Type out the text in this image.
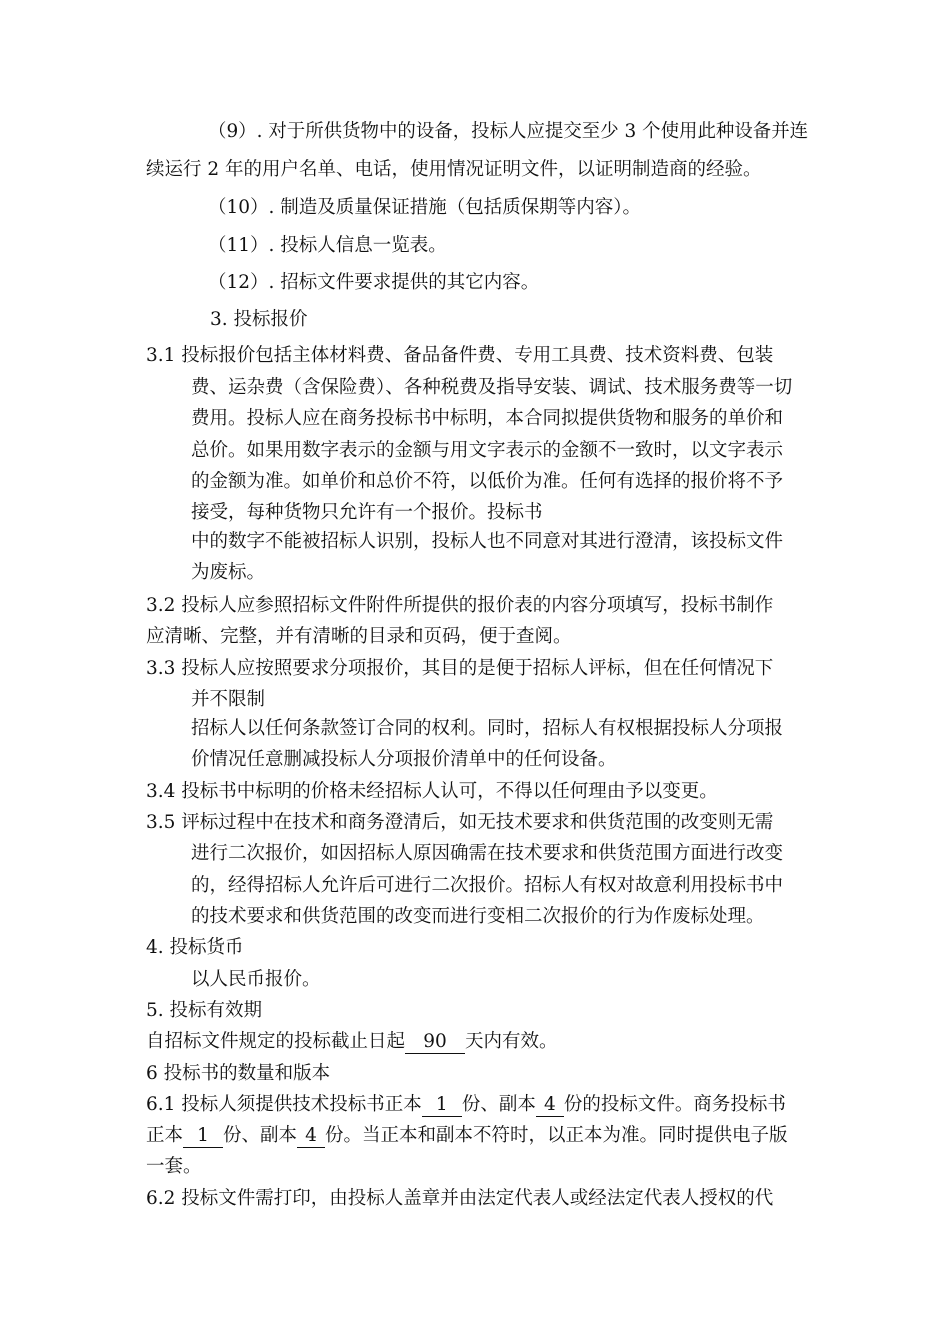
（9）. 对于所供货物中的设备，投标人应提交至少 3 个使用此种设备并连
续运行 2 年的用户名单、电话，使用情况证明文件，以证明制造商的经验。
（10）. 制造及质量保证措施（包括质保期等内容）。
（11）. 投标人信息一览表。
（12）. 招标文件要求提供的其它内容。
3. 投标报价
3.1 投标报价包括主体材料费、备品备件费、专用工具费、技术资料费、包装
费、运杂费（含保险费）、各种税费及指导安装、调试、技术服务费等一切
费用。投标人应在商务投标书中标明，本合同拟提供货物和服务的单价和
总价。如果用数字表示的金额与用文字表示的金额不一致时，以文字表示
的金额为准。如单价和总价不符，以低价为准。任何有选择的报价将不予
接受，每种货物只允许有一个报价。投标书
中的数字不能被招标人识别，投标人也不同意对其进行澄清，该投标文件
为废标。
3.2 投标人应参照招标文件附件所提供的报价表的内容分项填写，投标书制作
应清晰、完整，并有清晰的目录和页码，便于查阅。
3.3 投标人应按照要求分项报价，其目的是便于招标人评标，但在任何情况下
并不限制
招标人以任何条款签订合同的权利。同时，招标人有权根据投标人分项报
价情况任意删减投标人分项报价清单中的任何设备。
3.4 投标书中标明的价格未经招标人认可，不得以任何理由予以变更。
3.5 评标过程中在技术和商务澄清后，如无技术要求和供货范围的改变则无需
进行二次报价，如因招标人原因确需在技术要求和供货范围方面进行改变
的，经得招标人允许后可进行二次报价。招标人有权对故意利用投标书中
的技术要求和供货范围的改变而进行变相二次报价的行为作废标处理。
4. 投标货币
以人民币报价。
5. 投标有效期
自招标文件规定的投标截止日起 90 天内有效。
6 投标书的数量和版本
6.1 投标人须提供技术投标书正本 1 份、副本 4 份的投标文件。商务投标书
正本 1 份、副本 4 份。当正本和副本不符时，以正本为准。同时提供电子版
一套。
6.2 投标文件需打印，由投标人盖章并由法定代表人或经法定代表人授权的代
